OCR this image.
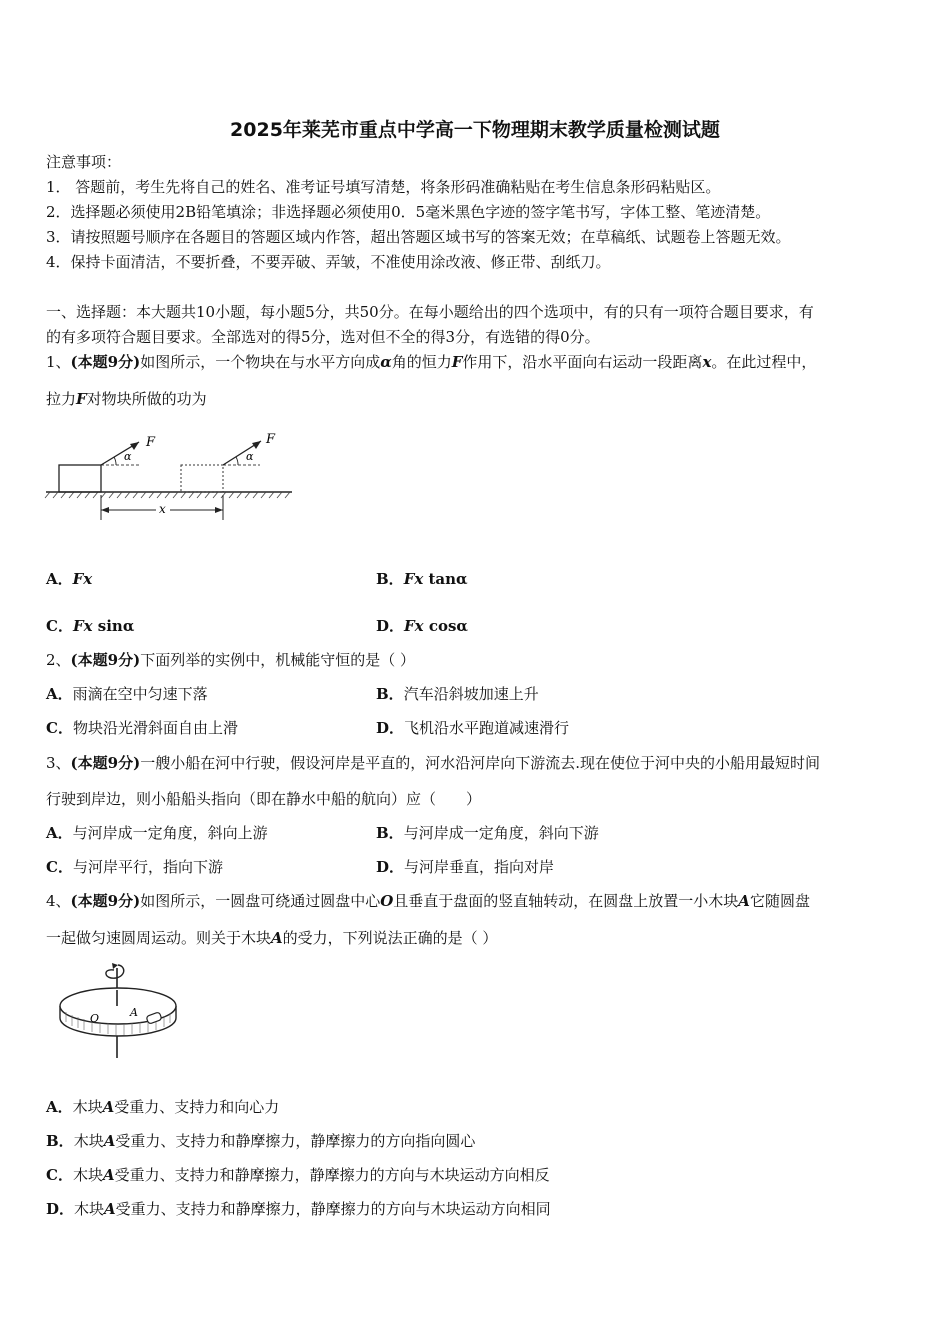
2025年莱芜市重点中学高一下物理期末教学质量检测试题
注意事项：
1． 答题前，考生先将自己的姓名、准考证号填写清楚，将条形码准确粘贴在考生信息条形码粘贴区。
2．选择题必须使用2B铅笔填涂；非选择题必须使用0．5毫米黑色字迹的签字笔书写，字体工整、笔迹清楚。
3．请按照题号顺序在各题目的答题区域内作答，超出答题区域书写的答案无效；在草稿纸、试题卷上答题无效。
4．保持卡面清洁，不要折叠，不要弄破、弄皱，不准使用涂改液、修正带、刮纸刀。
一、选择题：本大题共10小题，每小题5分，共50分。在每小题给出的四个选项中，有的只有一项符合题目要求，有
的有多项符合题目要求。全部选对的得5分，选对但不全的得3分，有选错的得0分。
1、(本题9分)如图所示，一个物块在与水平方向成α角的恒力F作用下，沿水平面向右运动一段距离x。在此过程中，
拉力F对物块所做的功为
α
F
α
F
x
A．Fx	B．Fx tanα
C．Fx sinα	D．Fx cosα
2、(本题9分)下面列举的实例中，机械能守恒的是（ ）
A．雨滴在空中匀速下落	B．汽车沿斜坡加速上升
C．物块沿光滑斜面自由上滑	D．飞机沿水平跑道减速滑行
3、(本题9分)一艘小船在河中行驶，假设河岸是平直的，河水沿河岸向下游流去.现在使位于河中央的小船用最短时间
行驶到岸边，则小船船头指向（即在静水中船的航向）应（　　）
A．与河岸成一定角度，斜向上游	B．与河岸成一定角度，斜向下游
C．与河岸平行，指向下游	D．与河岸垂直，指向对岸
4、(本题9分)如图所示，一圆盘可绕通过圆盘中心O且垂直于盘面的竖直轴转动，在圆盘上放置一小木块A它随圆盘
一起做匀速圆周运动。则关于木块A的受力，下列说法正确的是（ ）
O	A
A．木块A受重力、支持力和向心力
B．木块A受重力、支持力和静摩擦力，静摩擦力的方向指向圆心
C．木块A受重力、支持力和静摩擦力，静摩擦力的方向与木块运动方向相反
D．木块A受重力、支持力和静摩擦力，静摩擦力的方向与木块运动方向相同
